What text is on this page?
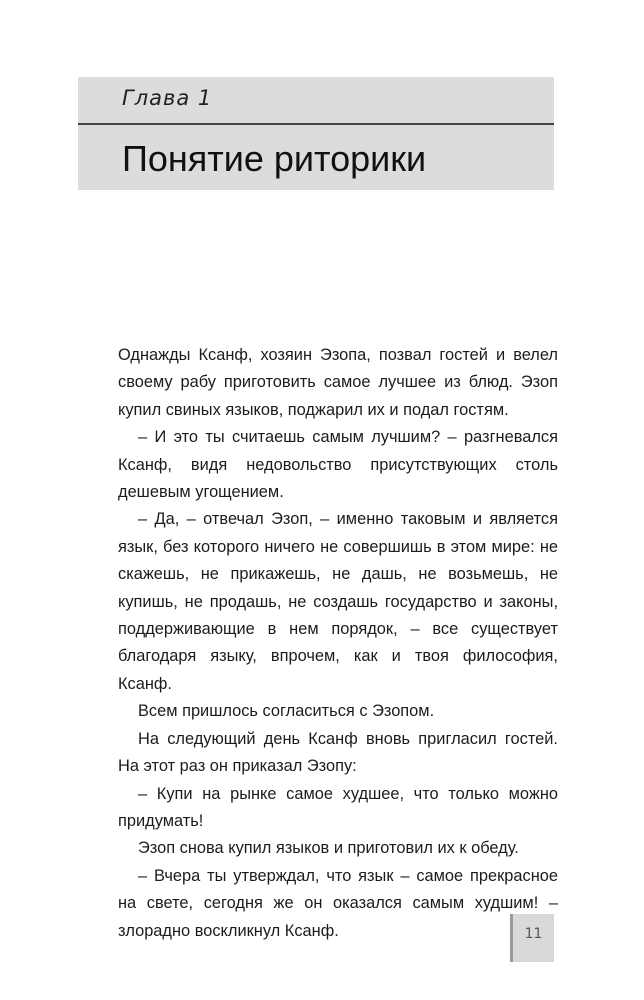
Глава 1
Понятие риторики

Однажды Ксанф, хозяин Эзопа, позвал гостей и велел своему рабу приготовить самое лучшее из блюд. Эзоп купил свиных языков, поджарил их и подал гостям.

– И это ты считаешь самым лучшим? – разгневался Ксанф, видя недовольство присутствующих столь дешевым угощением.

– Да, – отвечал Эзоп, – именно таковым и является язык, без которого ничего не совершишь в этом мире: не скажешь, не прикажешь, не дашь, не возьмешь, не купишь, не продашь, не создашь государство и законы, поддерживающие в нем порядок, – все существует благодаря языку, впрочем, как и твоя философия, Ксанф.

Всем пришлось согласиться с Эзопом.

На следующий день Ксанф вновь пригласил гостей. На этот раз он приказал Эзопу:

– Купи на рынке самое худшее, что только можно придумать!

Эзоп снова купил языков и приготовил их к обеду.

– Вчера ты утверждал, что язык – самое прекрасное на свете, сегодня же он оказался самым худшим! – злорадно воскликнул Ксанф.	11
